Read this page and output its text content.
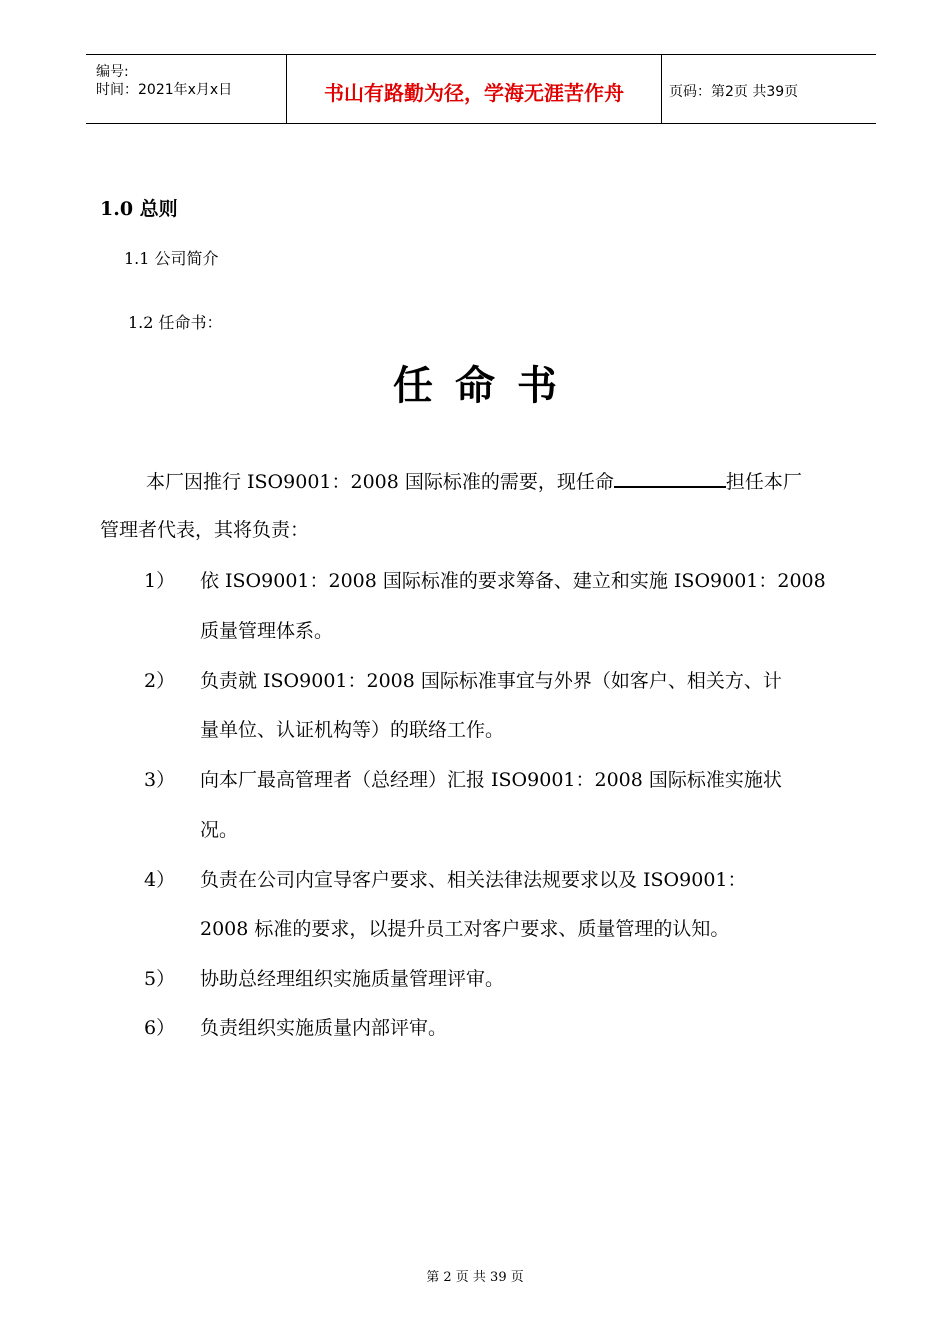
编号:
时间：2021年x月x日	书山有路勤为径，学海无涯苦作舟	页码：第2页 共39页
1.0 总则
1.1 公司简介
1.2 任命书：
任命书
本厂因推行 ISO9001：2008 国际标准的需要，现任命	担任本厂
管理者代表，其将负责：
1） 依 ISO9001：2008 国际标准的要求筹备、建立和实施 ISO9001：2008
质量管理体系。
2） 负责就 ISO9001：2008 国际标准事宜与外界（如客户、相关方、计
量单位、认证机构等）的联络工作。
3） 向本厂最高管理者（总经理）汇报 ISO9001：2008 国际标准实施状
况。
4） 负责在公司内宣导客户要求、相关法律法规要求以及 ISO9001：
2008 标准的要求，以提升员工对客户要求、质量管理的认知。
5） 协助总经理组织实施质量管理评审。
6） 负责组织实施质量内部评审。
第 2 页 共 39 页
